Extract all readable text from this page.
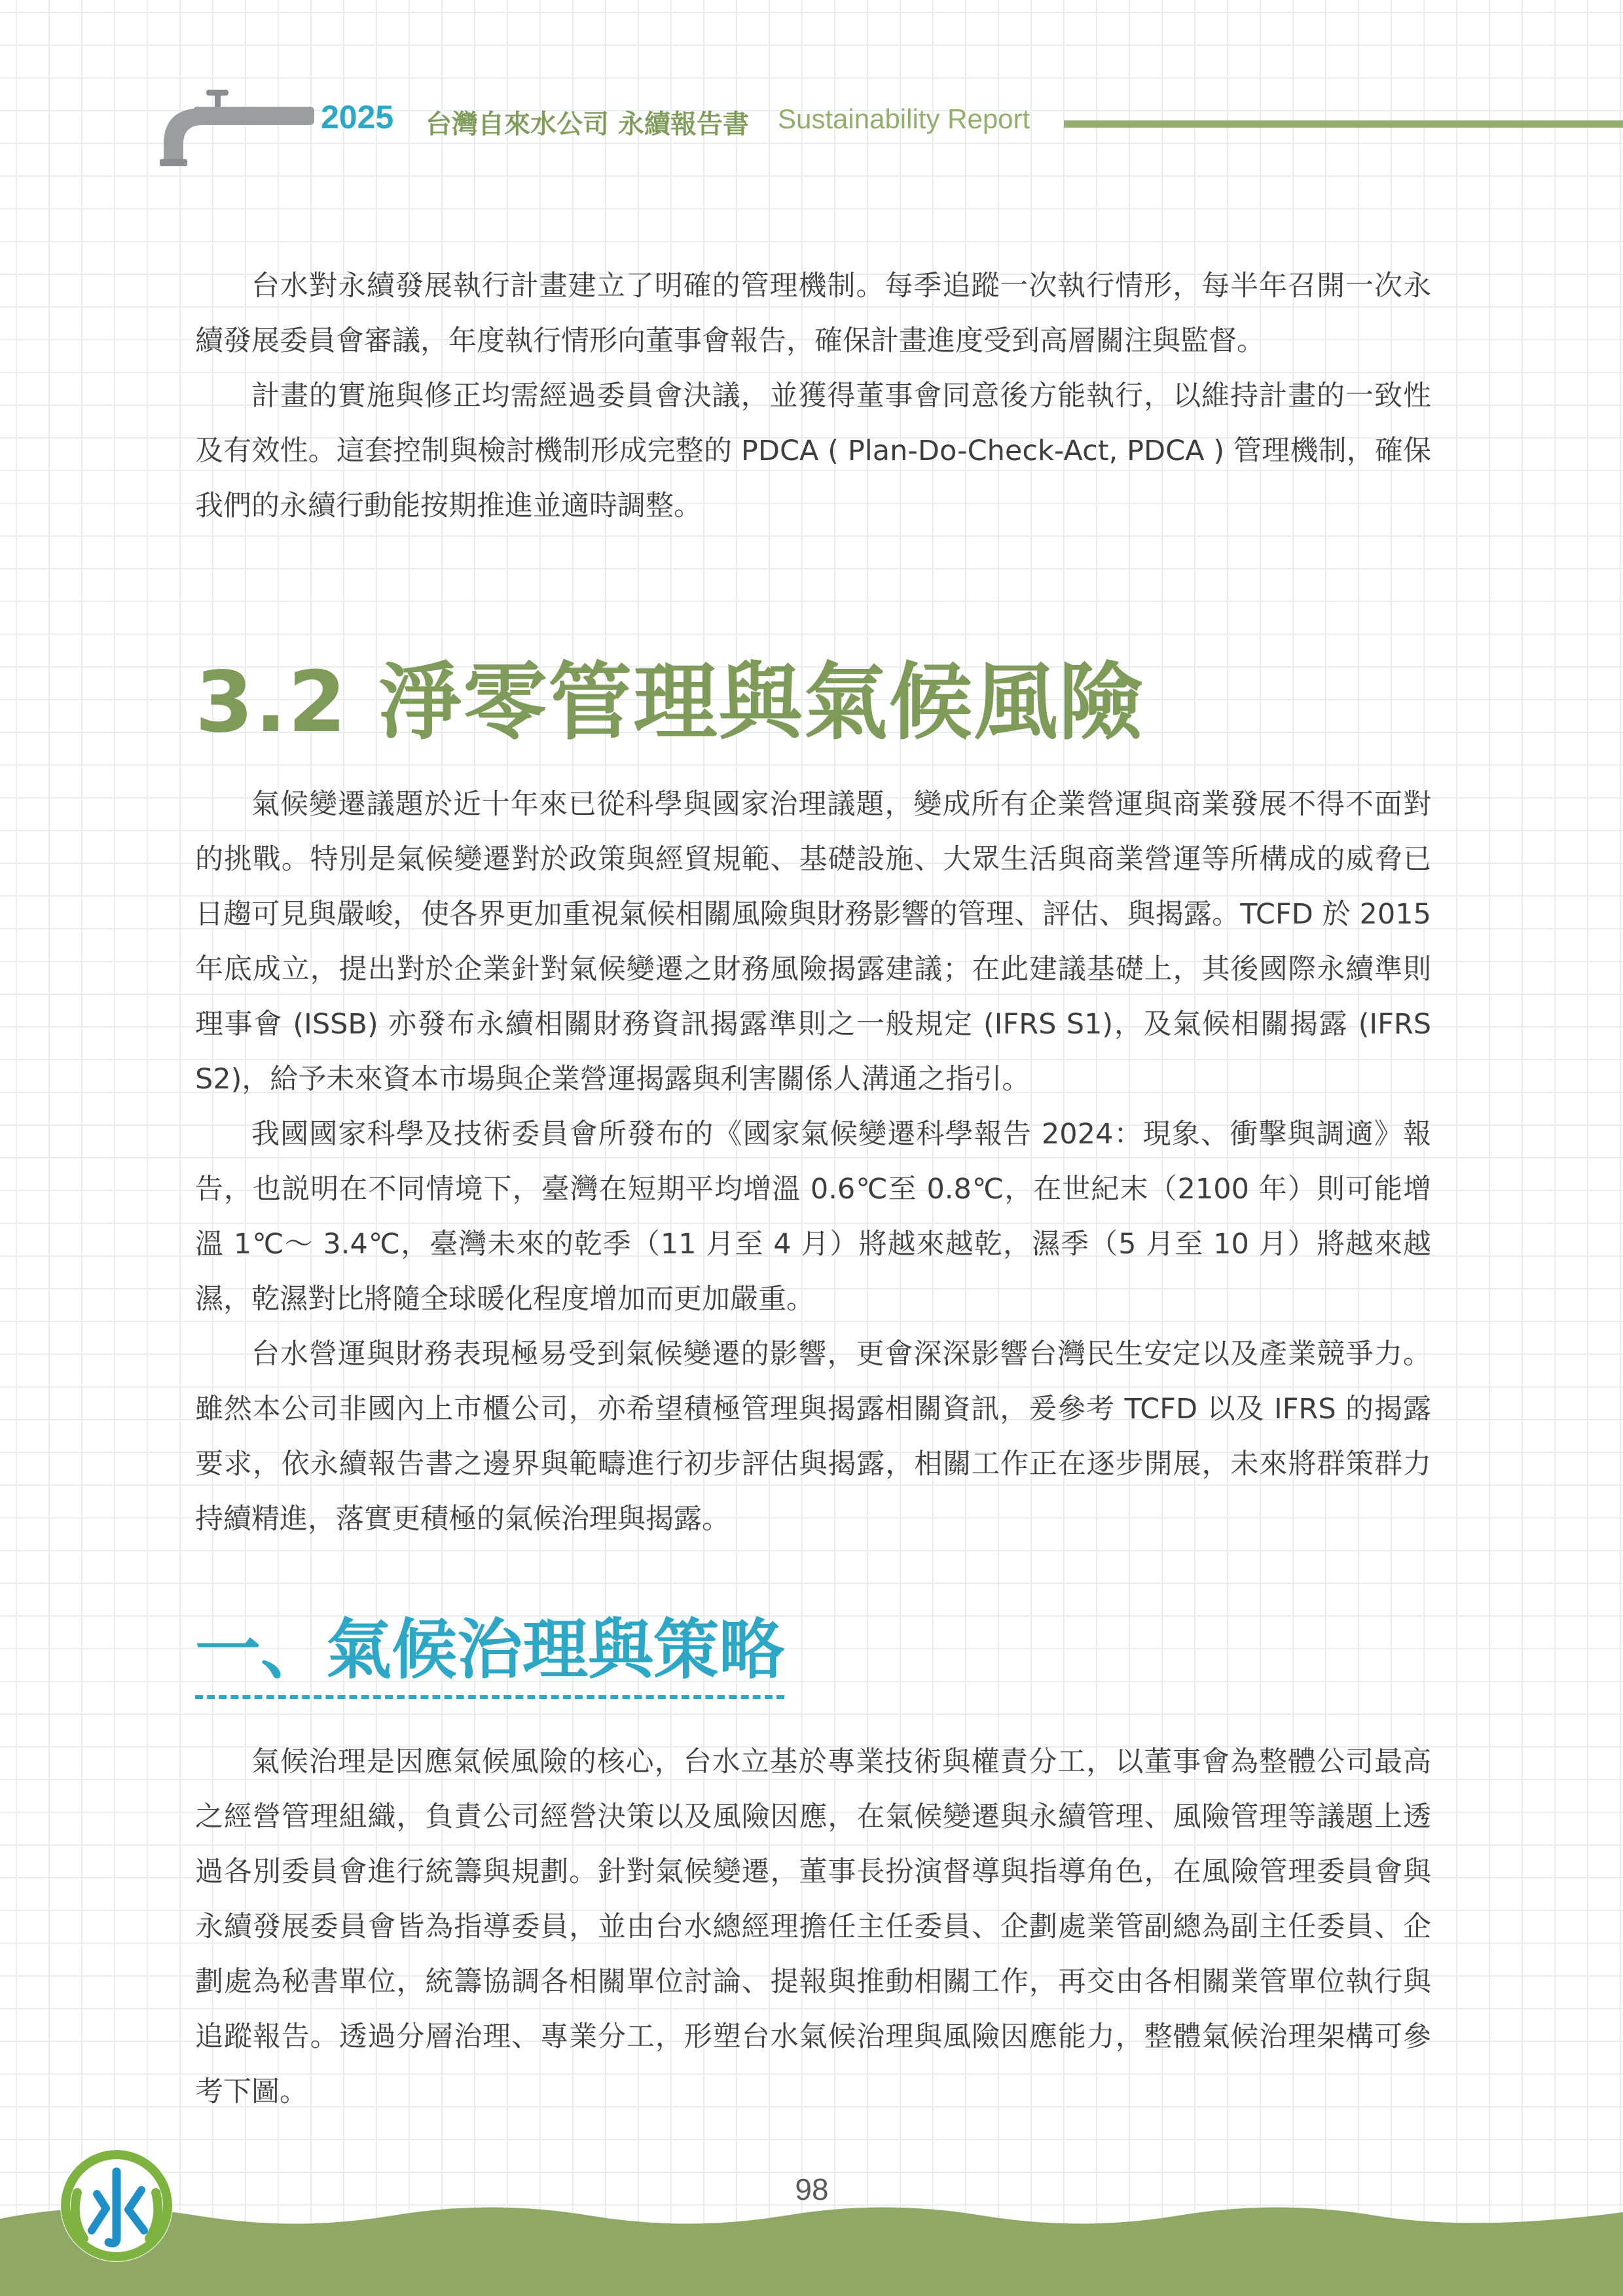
2025 台灣自來水公司 永續報告書 Sustainability Report

台水對永續發展執行計畫建立了明確的管理機制。每季追蹤一次執行情形，每半年召開一次永續發展委員會審議，年度執行情形向董事會報告，確保計畫進度受到高層關注與監督。

計畫的實施與修正均需經過委員會決議，並獲得董事會同意後方能執行，以維持計畫的一致性及有效性。這套控制與檢討機制形成完整的 PDCA ( Plan-Do-Check-Act, PDCA ) 管理機制，確保我們的永續行動能按期推進並適時調整。

3.2 淨零管理與氣候風險

氣候變遷議題於近十年來已從科學與國家治理議題，變成所有企業營運與商業發展不得不面對的挑戰。特別是氣候變遷對於政策與經貿規範、基礎設施、大眾生活與商業營運等所構成的威脅已日趨可見與嚴峻，使各界更加重視氣候相關風險與財務影響的管理、評估、與揭露。TCFD 於 2015 年底成立，提出對於企業針對氣候變遷之財務風險揭露建議；在此建議基礎上，其後國際永續準則理事會 (ISSB) 亦發布永續相關財務資訊揭露準則之一般規定 (IFRS S1)，及氣候相關揭露 (IFRS S2)，給予未來資本市場與企業營運揭露與利害關係人溝通之指引。

我國國家科學及技術委員會所發布的《國家氣候變遷科學報告 2024：現象、衝擊與調適》報告，也説明在不同情境下，臺灣在短期平均增溫 0.6℃至 0.8℃，在世紀末（2100 年）則可能增溫 1℃～ 3.4℃，臺灣未來的乾季（11 月至 4 月）將越來越乾，濕季（5 月至 10 月）將越來越濕，乾濕對比將隨全球暖化程度增加而更加嚴重。

台水營運與財務表現極易受到氣候變遷的影響，更會深深影響台灣民生安定以及產業競爭力。雖然本公司非國內上市櫃公司，亦希望積極管理與揭露相關資訊，爰參考 TCFD 以及 IFRS 的揭露要求，依永續報告書之邊界與範疇進行初步評估與揭露，相關工作正在逐步開展，未來將群策群力持續精進，落實更積極的氣候治理與揭露。

一、氣候治理與策略

氣候治理是因應氣候風險的核心，台水立基於專業技術與權責分工，以董事會為整體公司最高之經營管理組織，負責公司經營決策以及風險因應，在氣候變遷與永續管理、風險管理等議題上透過各別委員會進行統籌與規劃。針對氣候變遷，董事長扮演督導與指導角色，在風險管理委員會與永續發展委員會皆為指導委員，並由台水總經理擔任主任委員、企劃處業管副總為副主任委員、企劃處為秘書單位，統籌協調各相關單位討論、提報與推動相關工作，再交由各相關業管單位執行與追蹤報告。透過分層治理、專業分工，形塑台水氣候治理與風險因應能力，整體氣候治理架構可參考下圖。

98
